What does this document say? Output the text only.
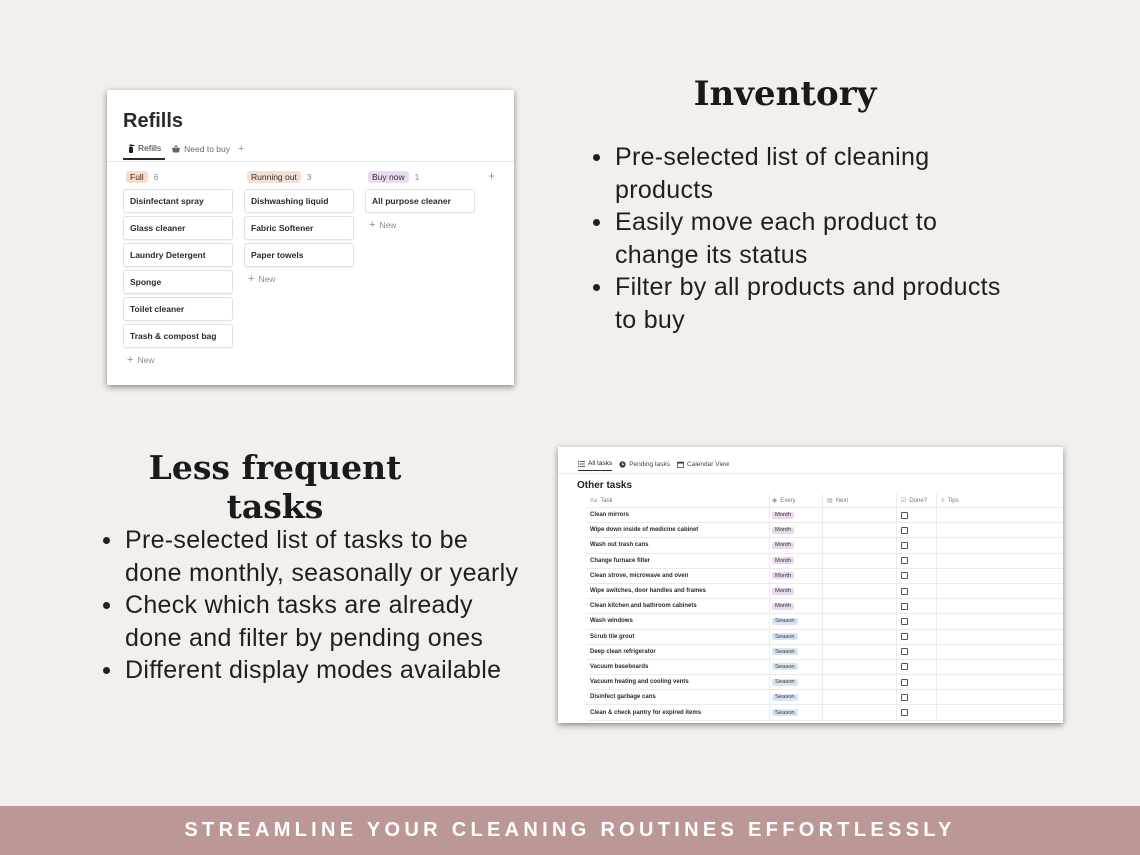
Refills
Refills	Need to buy +
Full	6
Disinfectant spray
Glass cleaner
Laundry Detergent
Sponge
Toilet cleaner
Trash & compost bag
+ New
Running out	3
Dishwashing liquid
Fabric Softener
Paper towels
+ New
Buy now	1
All purpose cleaner
+ New
+
Inventory
Pre-selected list of cleaning products
Easily move each product to change its status
Filter by all products and products to buy
Less frequent tasks
Pre-selected list of tasks to be done monthly, seasonally or yearly
Check which tasks are already done and filter by pending ones
Different display modes available
All tasks	Pending tasks	Calendar View
Other tasks
Aa Task	◉ Every	▤ Next	☑ Done? ≡ Tips
Clean mirrors	Month
Wipe down inside of medicine cabinet	Month
Wash out trash cans	Month
Change furnace filter	Month
Clean strove, microwave and oven	Month
Wipe switches, door handles and frames	Month
Clean kitchen and bathroom cabinets	Month
Wash windows	Season
Scrub tile grout	Season
Deep clean refrigerator	Season
Vacuum baseboards	Season
Vacuum heating and cooling vents	Season
Disinfect garbage cans	Season
Clean & check pantry for expired items	Season
STREAMLINE YOUR CLEANING ROUTINES EFFORTLESSLY
